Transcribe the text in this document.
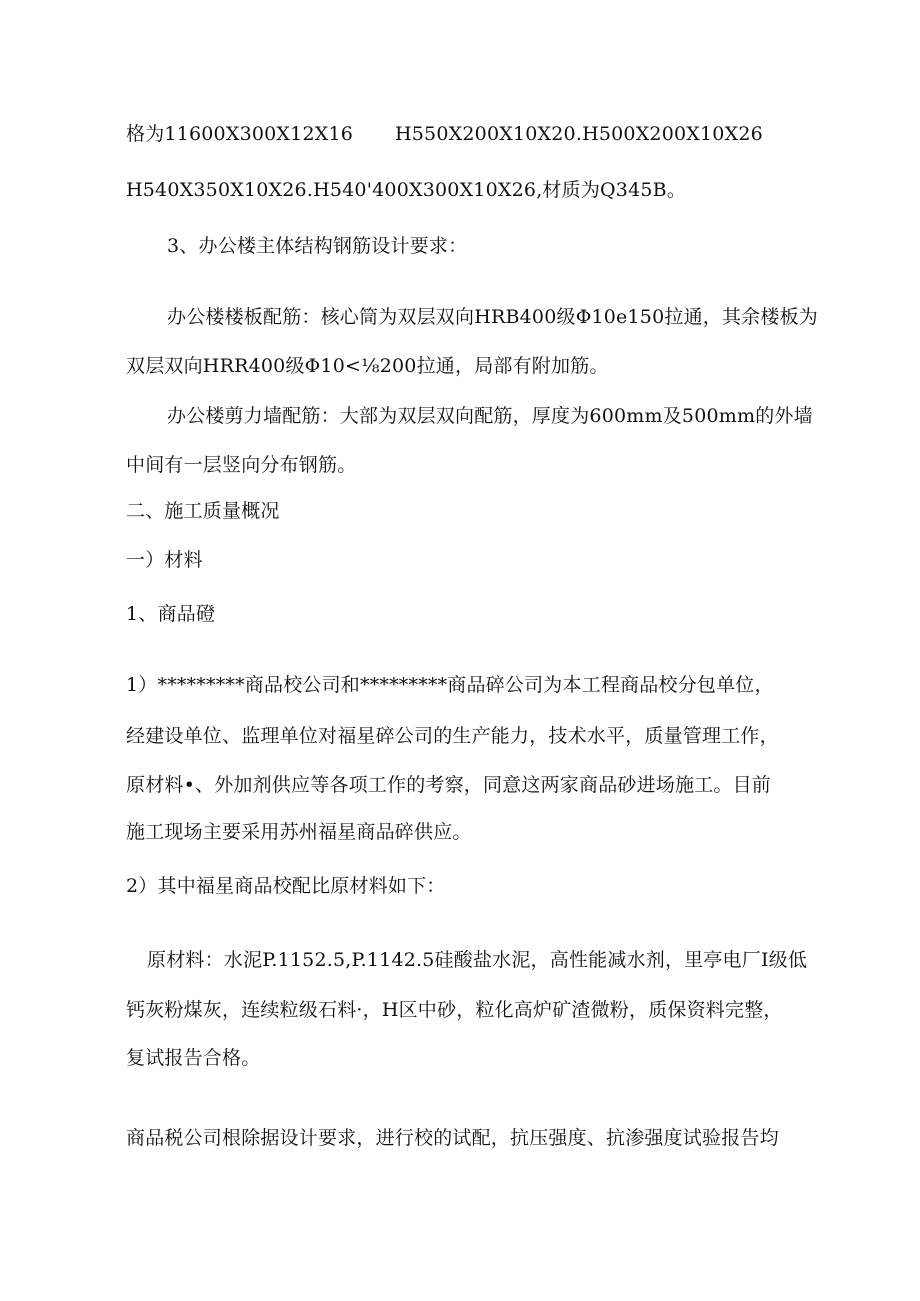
格为11600X300X12X16 H550X200X10X20.H500X200X10X26
H540X350X10X26.H540'400X300X10X26,材质为Q345B。
3、办公楼主体结构钢筋设计要求：
办公楼楼板配筋：核心筒为双层双向HRB400级Φ10e150拉通，其余楼板为
双层双向HRR400级Φ10<⅛200拉通，局部有附加筋。
办公楼剪力墙配筋：大部为双层双向配筋，厚度为600mm及500mm的外墙
中间有一层竖向分布钢筋。
二、施工质量概况
一）材料
1、商品磴
1）*********商品校公司和*********商品碎公司为本工程商品校分包单位，
经建设单位、监理单位对福星碎公司的生产能力，技术水平，质量管理工作，
原材料•、外加剂供应等各项工作的考察，同意这两家商品砂进场施工。目前
施工现场主要采用苏州福星商品碎供应。
2）其中福星商品校配比原材料如下：
原材料：水泥P.1152.5,P.1142.5硅酸盐水泥，高性能减水剂，里亭电厂I级低
钙灰粉煤灰，连续粒级石料·，H区中砂，粒化高炉矿渣微粉，质保资料完整，
复试报告合格。
商品税公司根除据设计要求，进行校的试配，抗压强度、抗渗强度试验报告均
